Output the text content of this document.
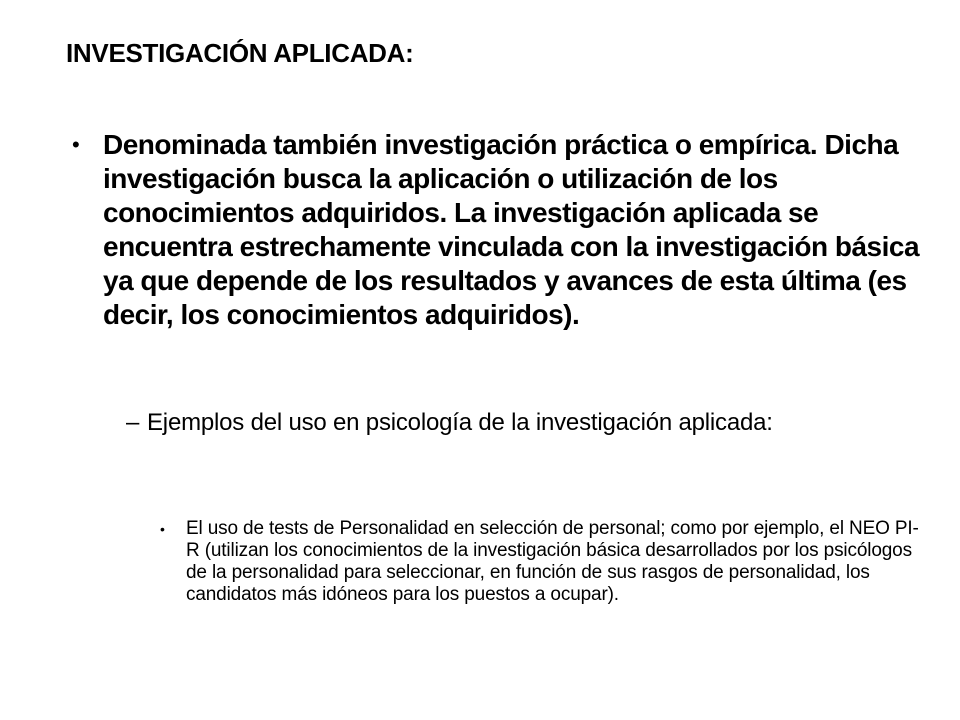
INVESTIGACIÓN APLICADA:
• Denominada también investigación práctica o empírica. Dicha investigación busca la aplicación o utilización de los conocimientos adquiridos. La investigación aplicada se encuentra estrechamente vinculada con la investigación básica ya que depende de los resultados y avances de esta última (es decir, los conocimientos adquiridos).
– Ejemplos del uso en psicología de la investigación aplicada:
• El uso de tests de Personalidad en selección de personal; como por ejemplo, el NEO PI-R (utilizan los conocimientos de la investigación básica desarrollados por los psicólogos de la personalidad para seleccionar, en función de sus rasgos de personalidad, los candidatos más idóneos para los puestos a ocupar).
